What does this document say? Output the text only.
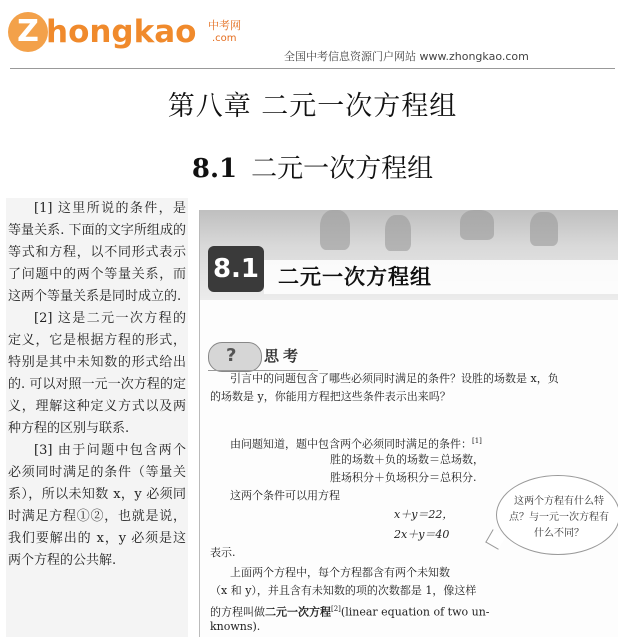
Z hongkao 中考网
.com
全国中考信息资源门户网站 www.zhongkao.com
第八章 二元一次方程组
8.1 二元一次方程组

[1] 这里所说的条件，是等量关系. 下面的文字所组成的等式和方程，以不同形式表示了问题中的两个等量关系，而这两个等量关系是同时成立的.

[2] 这是二元一次方程的定义，它是根据方程的形式，特别是其中未知数的形式给出的. 可以对照一元一次方程的定义，理解这种定义方式以及两种方程的区别与联系.

[3] 由于问题中包含两个必须同时满足的条件（等量关系），所以未知数 x，y 必须同时满足方程①②，也就是说，我们要解出的 x，y 必须是这两个方程的公共解.

8.1 二元一次方程组
? 思考
引言中的问题包含了哪些必须同时满足的条件？设胜的场数是 x，负
的场数是 y，你能用方程把这些条件表示出来吗？
由问题知道，题中包含两个必须同时满足的条件：[1]
胜的场数＋负的场数＝总场数，
胜场积分＋负场积分＝总积分.
这两个条件可以用方程
x＋y＝22，
2x＋y＝40
表示.
上面两个方程中，每个方程都含有两个未知数
（x 和 y），并且含有未知数的项的次数都是 1，像这样
的方程叫做二元一次方程[2](linear equation of two un-
knowns).
这两个方程有什么特点？与一元一次方程有什么不同？
